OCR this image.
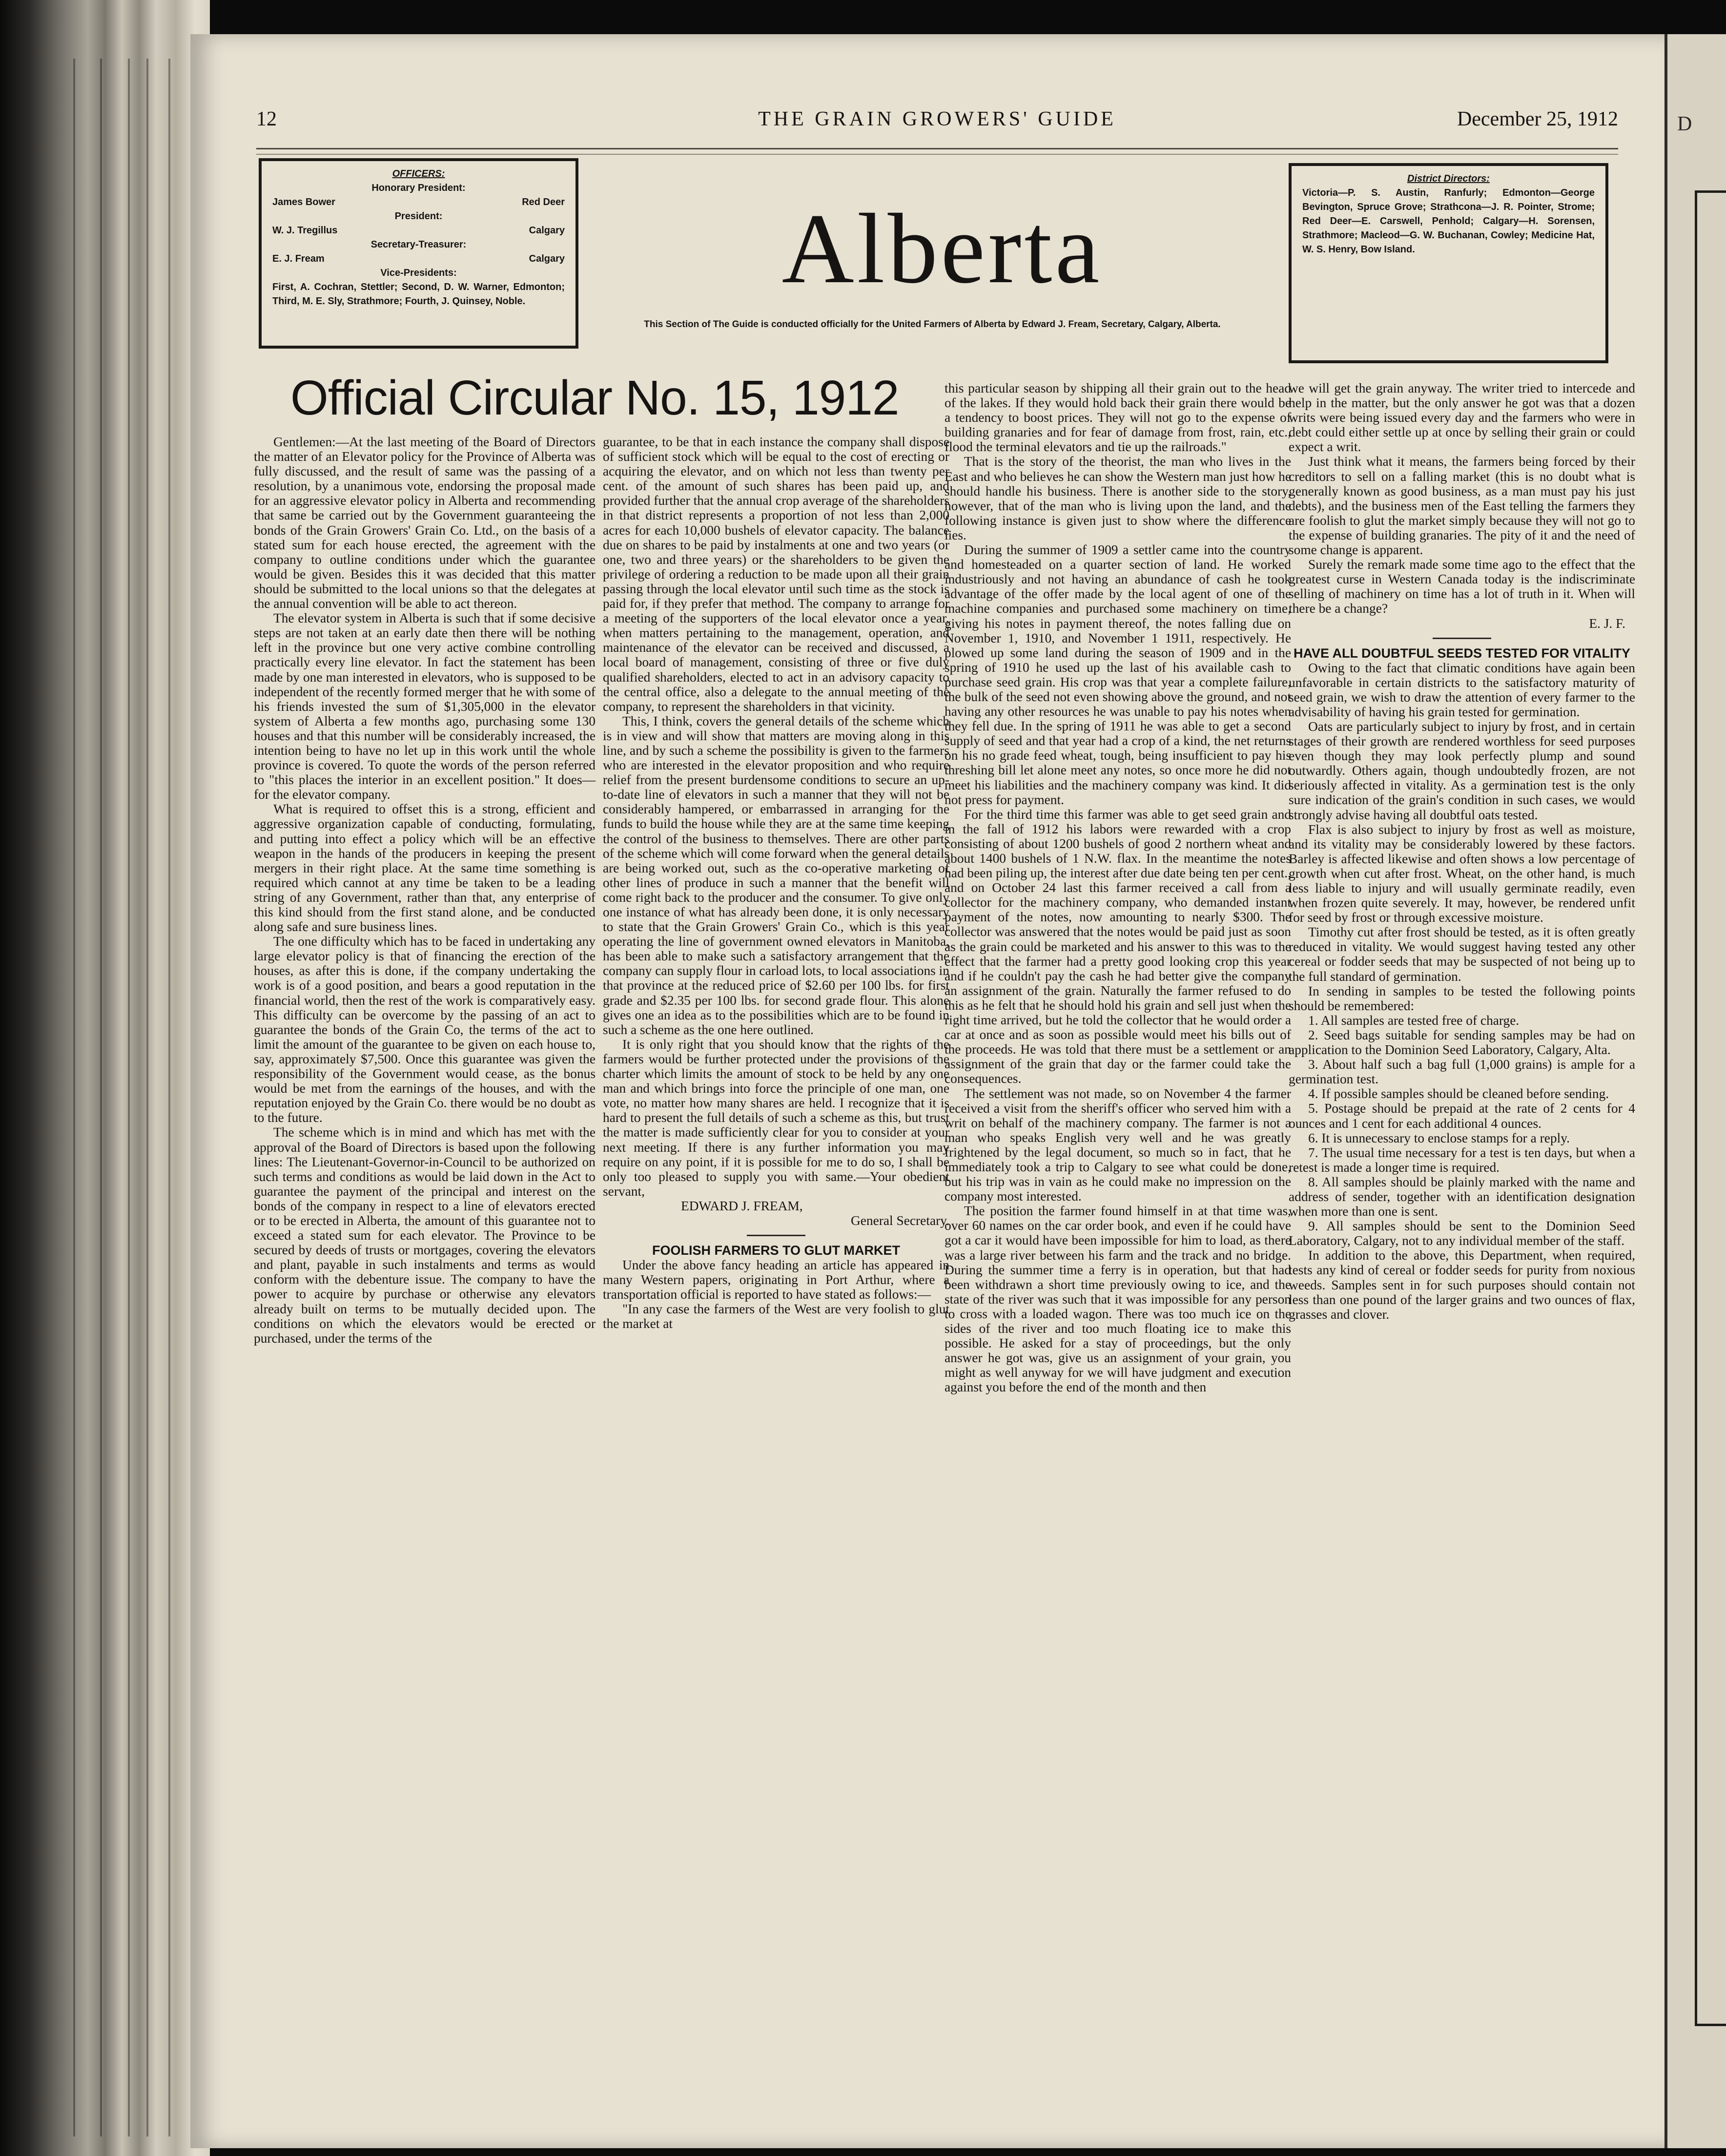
12	THE GRAIN GROWERS' GUIDE	December 25, 1912
OFFICERS:
Honorary President:
James Bower	Red Deer
President:
W. J. Tregillus	Calgary
Secretary-Treasurer:
E. J. Fream	Calgary
Vice-Presidents:

First, A. Cochran, Stettler; Second, D. W. Warner, Edmonton; Third, M. E. Sly, Strathmore; Fourth, J. Quinsey, Noble.	Alberta
This Section of The Guide is conducted officially for the United Farmers of Alberta by Edward J. Fream, Secretary, Calgary, Alberta.
District Directors:

Victoria—P. S. Austin, Ranfurly; Edmonton—George Bevington, Spruce Grove; Strathcona—J. R. Pointer, Strome; Red Deer—E. Carswell, Penhold; Calgary—H. Sorensen, Strathmore; Macleod—G. W. Buchanan, Cowley; Medicine Hat, W. S. Henry, Bow Island.

Official Circular No. 15, 1912

Gentlemen:—At the last meeting of the Board of Directors the matter of an Elevator policy for the Province of Alberta was fully discussed, and the result of same was the passing of a resolution, by a unanimous vote, endorsing the proposal made for an aggressive elevator policy in Alberta and recommending that same be carried out by the Government guaranteeing the bonds of the Grain Growers' Grain Co. Ltd., on the basis of a stated sum for each house erected, the agreement with the company to outline conditions under which the guarantee would be given. Besides this it was decided that this matter should be submitted to the local unions so that the delegates at the annual convention will be able to act thereon.

The elevator system in Alberta is such that if some decisive steps are not taken at an early date then there will be nothing left in the province but one very active combine controlling practically every line elevator. In fact the statement has been made by one man interested in elevators, who is supposed to be independent of the recently formed merger that he with some of his friends invested the sum of $1,305,000 in the elevator system of Alberta a few months ago, purchasing some 130 houses and that this number will be considerably increased, the intention being to have no let up in this work until the whole province is covered. To quote the words of the person referred to "this places the interior in an excellent position." It does—for the elevator company.

What is required to offset this is a strong, efficient and aggressive organization capable of conducting, formulating, and putting into effect a policy which will be an effective weapon in the hands of the producers in keeping the present mergers in their right place. At the same time something is required which cannot at any time be taken to be a leading string of any Government, rather than that, any enterprise of this kind should from the first stand alone, and be conducted along safe and sure business lines.

The one difficulty which has to be faced in undertaking any large elevator policy is that of financing the erection of the houses, as after this is done, if the company undertaking the work is of a good position, and bears a good reputation in the financial world, then the rest of the work is comparatively easy. This difficulty can be overcome by the passing of an act to guarantee the bonds of the Grain Co, the terms of the act to limit the amount of the guarantee to be given on each house to, say, approximately $7,500. Once this guarantee was given the responsibility of the Government would cease, as the bonus would be met from the earnings of the houses, and with the reputation enjoyed by the Grain Co. there would be no doubt as to the future.

The scheme which is in mind and which has met with the approval of the Board of Directors is based upon the following lines: The Lieutenant-Governor-in-Council to be authorized on such terms and conditions as would be laid down in the Act to guarantee the payment of the principal and interest on the bonds of the company in respect to a line of elevators erected or to be erected in Alberta, the amount of this guarantee not to exceed a stated sum for each elevator. The Province to be secured by deeds of trusts or mortgages, covering the elevators and plant, payable in such instalments and terms as would conform with the debenture issue. The company to have the power to acquire by purchase or otherwise any elevators already built on terms to be mutually decided upon. The conditions on which the elevators would be erected or purchased, under the terms of the

guarantee, to be that in each instance the company shall dispose of sufficient stock which will be equal to the cost of erecting or acquiring the elevator, and on which not less than twenty per cent. of the amount of such shares has been paid up, and provided further that the annual crop average of the shareholders in that district represents a proportion of not less than 2,000 acres for each 10,000 bushels of elevator capacity. The balance due on shares to be paid by instalments at one and two years (or one, two and three years) or the shareholders to be given the privilege of ordering a reduction to be made upon all their grain passing through the local elevator until such time as the stock is paid for, if they prefer that method. The company to arrange for a meeting of the supporters of the local elevator once a year, when matters pertaining to the management, operation, and maintenance of the elevator can be received and discussed, a local board of management, consisting of three or five duly qualified shareholders, elected to act in an advisory capacity to the central office, also a delegate to the annual meeting of the company, to represent the shareholders in that vicinity.

This, I think, covers the general details of the scheme which is in view and will show that matters are moving along in this line, and by such a scheme the possibility is given to the farmers who are interested in the elevator proposition and who require relief from the present burdensome conditions to secure an up-to-date line of elevators in such a manner that they will not be considerably hampered, or embarrassed in arranging for the funds to build the house while they are at the same time keeping the control of the business to themselves. There are other parts of the scheme which will come forward when the general details are being worked out, such as the co-operative marketing of other lines of produce in such a manner that the benefit will come right back to the producer and the consumer. To give only one instance of what has already been done, it is only necessary to state that the Grain Growers' Grain Co., which is this year operating the line of government owned elevators in Manitoba, has been able to make such a satisfactory arrangement that the company can supply flour in carload lots, to local associations in that province at the reduced price of $2.60 per 100 lbs. for first grade and $2.35 per 100 lbs. for second grade flour. This alone gives one an idea as to the possibilities which are to be found in such a scheme as the one here outlined.

It is only right that you should know that the rights of the farmers would be further protected under the provisions of the charter which limits the amount of stock to be held by any one man and which brings into force the principle of one man, one vote, no matter how many shares are held. I recognize that it is hard to present the full details of such a scheme as this, but trust the matter is made sufficiently clear for you to consider at your next meeting. If there is any further information you may require on any point, if it is possible for me to do so, I shall be only too pleased to supply you with same.—Your obedient servant,

EDWARD J. FREAM,
General Secretary.
FOOLISH FARMERS TO GLUT MARKET

Under the above fancy heading an article has appeared in many Western papers, originating in Port Arthur, where a transportation official is reported to have stated as follows:—

"In any case the farmers of the West are very foolish to glut the market at

this particular season by shipping all their grain out to the head of the lakes. If they would hold back their grain there would be a tendency to boost prices. They will not go to the expense of building granaries and for fear of damage from frost, rain, etc., flood the terminal elevators and tie up the railroads."

That is the story of the theorist, the man who lives in the East and who believes he can show the Western man just how he should handle his business. There is another side to the story, however, that of the man who is living upon the land, and the following instance is given just to show where the difference lies.

During the summer of 1909 a settler came into the country and homesteaded on a quarter section of land. He worked industriously and not having an abundance of cash he took advantage of the offer made by the local agent of one of the machine companies and purchased some machinery on time, giving his notes in payment thereof, the notes falling due on November 1, 1910, and November 1 1911, respectively. He plowed up some land during the season of 1909 and in the spring of 1910 he used up the last of his available cash to purchase seed grain. His crop was that year a complete failure, the bulk of the seed not even showing above the ground, and not having any other resources he was unable to pay his notes when they fell due. In the spring of 1911 he was able to get a second supply of seed and that year had a crop of a kind, the net returns on his no grade feed wheat, tough, being insufficient to pay his threshing bill let alone meet any notes, so once more he did not meet his liabilities and the machinery company was kind. It did not press for payment.

For the third time this farmer was able to get seed grain and in the fall of 1912 his labors were rewarded with a crop consisting of about 1200 bushels of good 2 northern wheat and about 1400 bushels of 1 N.W. flax. In the meantime the notes had been piling up, the interest after due date being ten per cent., and on October 24 last this farmer received a call from a collector for the machinery company, who demanded instant payment of the notes, now amounting to nearly $300. The collector was answered that the notes would be paid just as soon as the grain could be marketed and his answer to this was to the effect that the farmer had a pretty good looking crop this year and if he couldn't pay the cash he had better give the company an assignment of the grain. Naturally the farmer refused to do this as he felt that he should hold his grain and sell just when the right time arrived, but he told the collector that he would order a car at once and as soon as possible would meet his bills out of the proceeds. He was told that there must be a settlement or an assignment of the grain that day or the farmer could take the consequences.

The settlement was not made, so on November 4 the farmer received a visit from the sheriff's officer who served him with a writ on behalf of the machinery company. The farmer is not a man who speaks English very well and he was greatly frightened by the legal document, so much so in fact, that he immediately took a trip to Calgary to see what could be done, but his trip was in vain as he could make no impression on the company most interested.

The position the farmer found himself in at that time was, over 60 names on the car order book, and even if he could have got a car it would have been impossible for him to load, as there was a large river between his farm and the track and no bridge. During the summer time a ferry is in operation, but that had been withdrawn a short time previously owing to ice, and the state of the river was such that it was impossible for any person to cross with a loaded wagon. There was too much ice on the sides of the river and too much floating ice to make this possible. He asked for a stay of proceedings, but the only answer he got was, give us an assignment of your grain, you might as well anyway for we will have judgment and execution against you before the end of the month and then

we will get the grain anyway. The writer tried to intercede and help in the matter, but the only answer he got was that a dozen writs were being issued every day and the farmers who were in debt could either settle up at once by selling their grain or could expect a writ.

Just think what it means, the farmers being forced by their creditors to sell on a falling market (this is no doubt what is generally known as good business, as a man must pay his just debts), and the business men of the East telling the farmers they are foolish to glut the market simply because they will not go to the expense of building granaries. The pity of it and the need of some change is apparent.

Surely the remark made some time ago to the effect that the greatest curse in Western Canada today is the indiscriminate selling of machinery on time has a lot of truth in it. When will there be a change?

E. J. F.
HAVE ALL DOUBTFUL SEEDS TESTED FOR VITALITY

Owing to the fact that climatic conditions have again been unfavorable in certain districts to the satisfactory maturity of seed grain, we wish to draw the attention of every farmer to the advisability of having his grain tested for germination.

Oats are particularly subject to injury by frost, and in certain stages of their growth are rendered worthless for seed purposes even though they may look perfectly plump and sound outwardly. Others again, though undoubtedly frozen, are not seriously affected in vitality. As a germination test is the only sure indication of the grain's condition in such cases, we would strongly advise having all doubtful oats tested.

Flax is also subject to injury by frost as well as moisture, and its vitality may be considerably lowered by these factors. Barley is affected likewise and often shows a low percentage of growth when cut after frost. Wheat, on the other hand, is much less liable to injury and will usually germinate readily, even when frozen quite severely. It may, however, be rendered unfit for seed by frost or through excessive moisture.

Timothy cut after frost should be tested, as it is often greatly reduced in vitality. We would suggest having tested any other cereal or fodder seeds that may be suspected of not being up to the full standard of germination.

In sending in samples to be tested the following points should be remembered:

1. All samples are tested free of charge.

2. Seed bags suitable for sending samples may be had on application to the Dominion Seed Laboratory, Calgary, Alta.

3. About half such a bag full (1,000 grains) is ample for a germination test.

4. If possible samples should be cleaned before sending.

5. Postage should be prepaid at the rate of 2 cents for 4 ounces and 1 cent for each additional 4 ounces.

6. It is unnecessary to enclose stamps for a reply.

7. The usual time necessary for a test is ten days, but when a retest is made a longer time is required.

8. All samples should be plainly marked with the name and address of sender, together with an identification designation when more than one is sent.

9. All samples should be sent to the Dominion Seed Laboratory, Calgary, not to any individual member of the staff.

In addition to the above, this Department, when required, tests any kind of cereal or fodder seeds for purity from noxious weeds. Samples sent in for such purposes should contain not less than one pound of the larger grains and two ounces of flax, grasses and clover.

D
